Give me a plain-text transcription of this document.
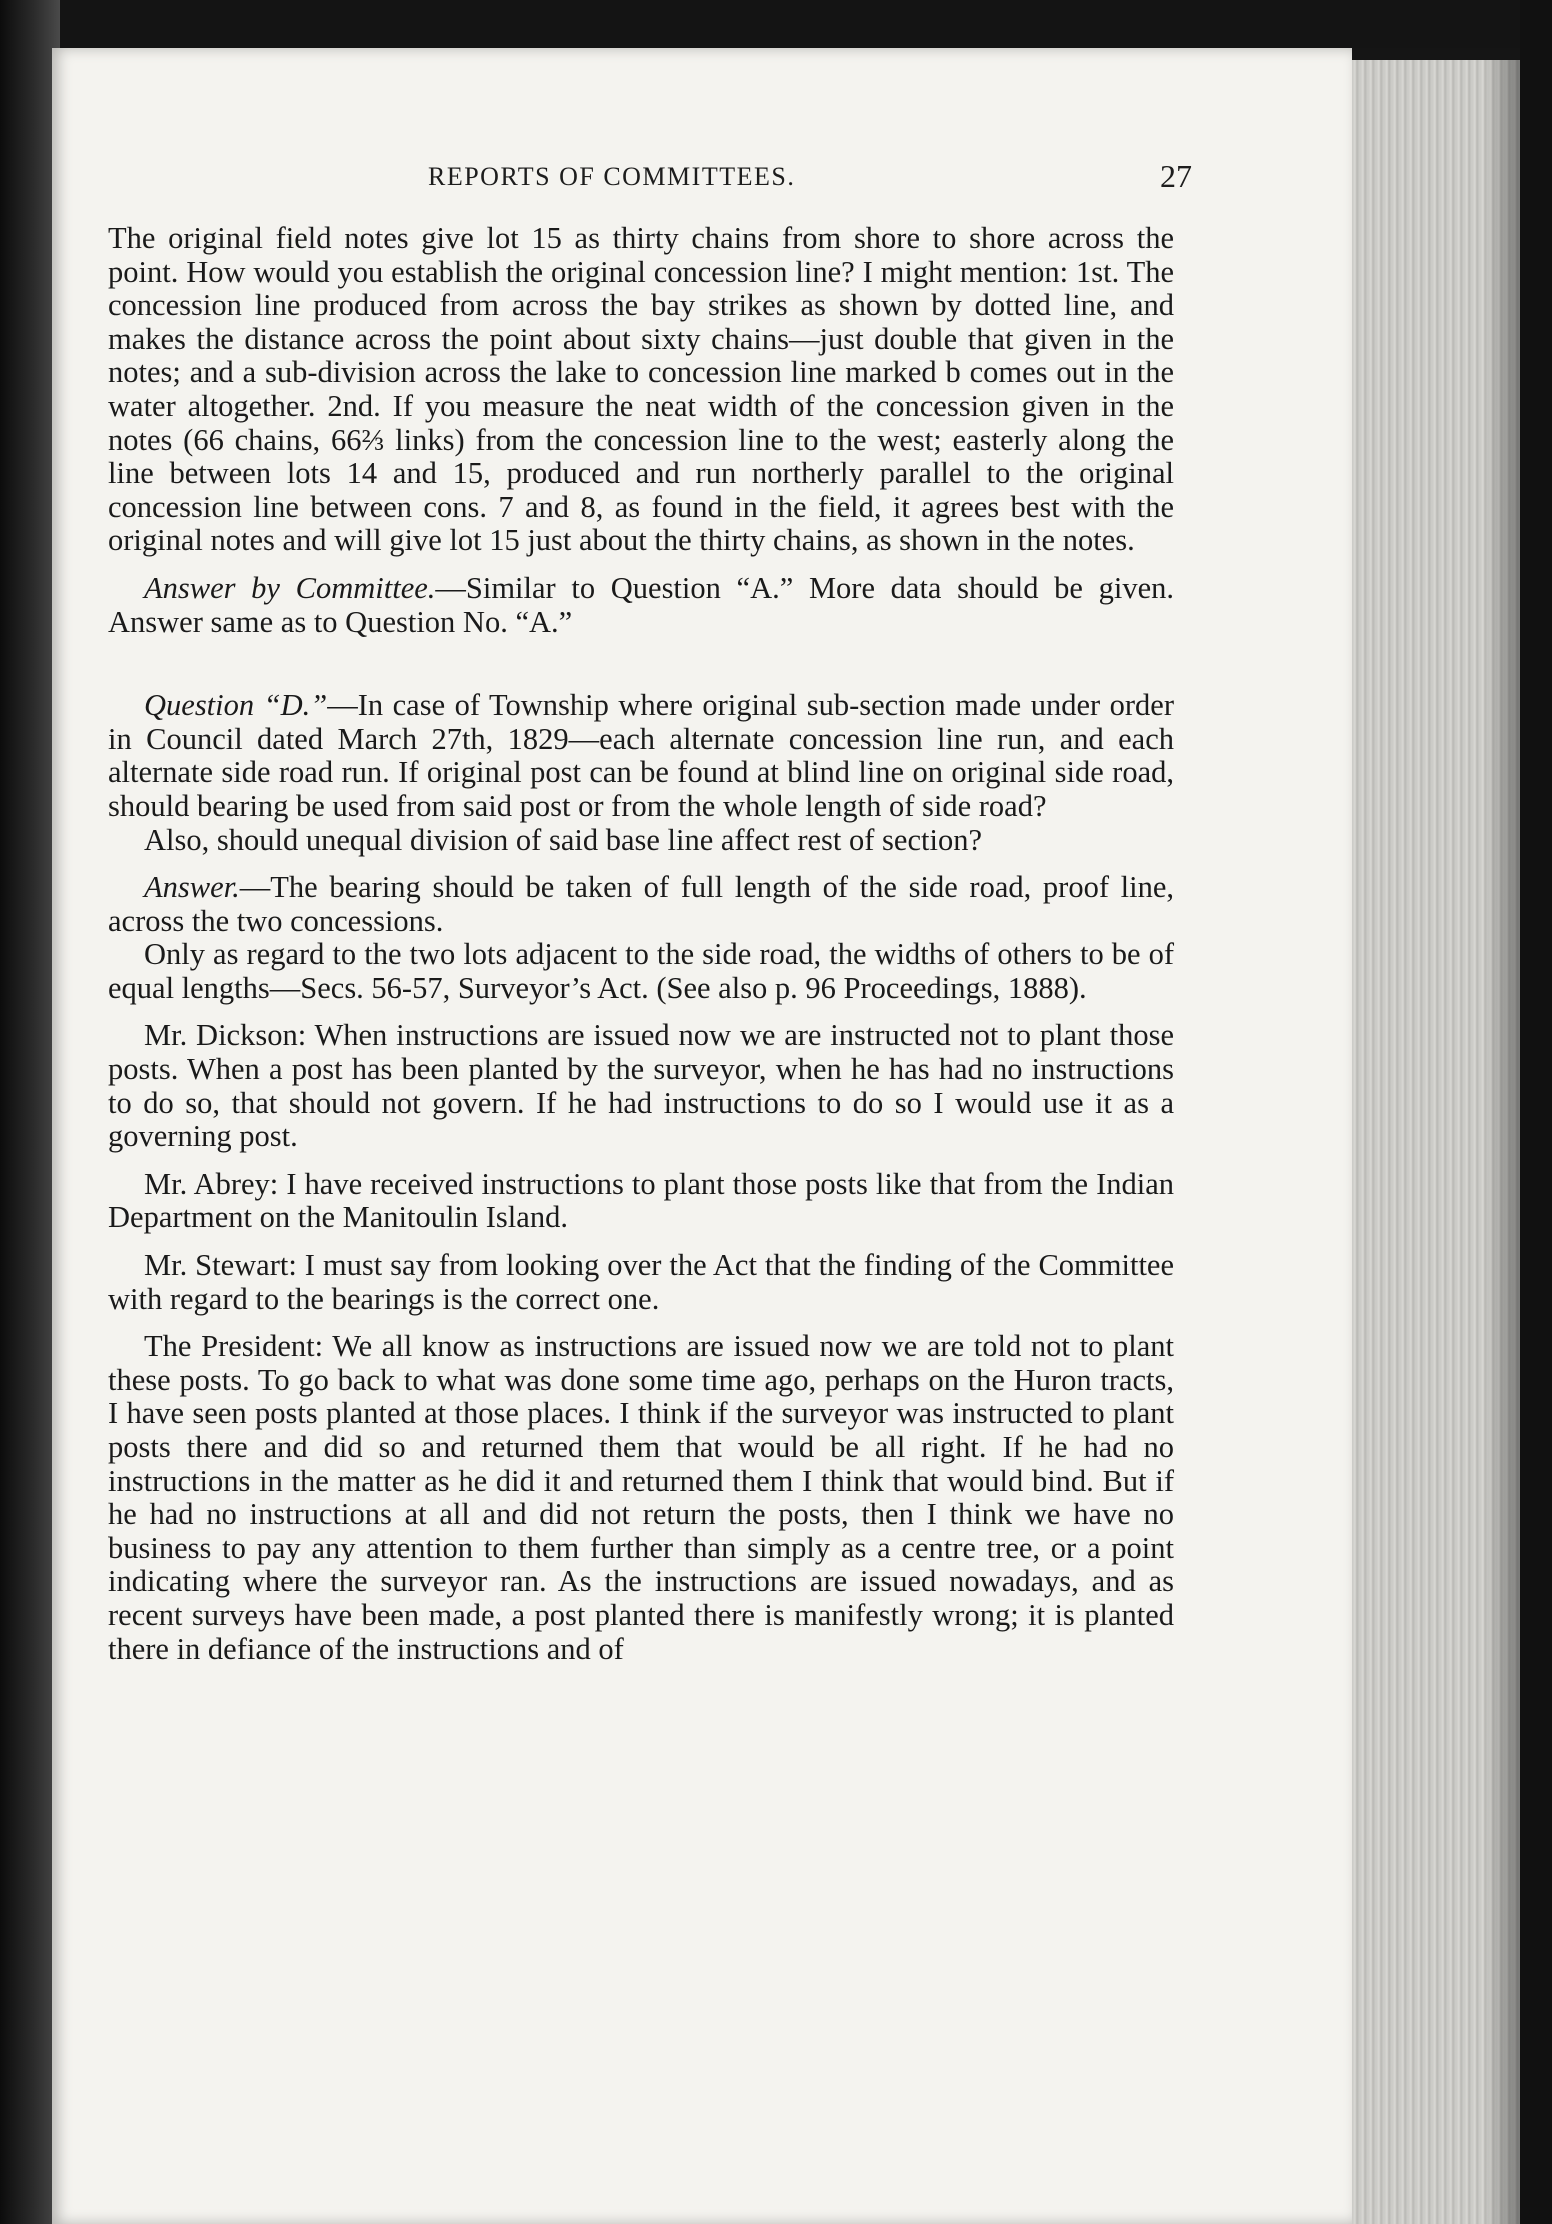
REPORTS OF COMMITTEES.	27

The original field notes give lot 15 as thirty chains from shore to shore across the point. How would you establish the original concession line? I might mention: 1st. The concession line produced from across the bay strikes as shown by dotted line, and makes the distance across the point about sixty chains—just double that given in the notes; and a sub-division across the lake to concession line marked b comes out in the water altogether. 2nd. If you measure the neat width of the concession given in the notes (66 chains, 66⅔ links) from the concession line to the west; easterly along the line between lots 14 and 15, produced and run northerly parallel to the original concession line between cons. 7 and 8, as found in the field, it agrees best with the original notes and will give lot 15 just about the thirty chains, as shown in the notes.

Answer by Committee.—Similar to Question “A.” More data should be given. Answer same as to Question No. “A.”

Question “D.”—In case of Township where original sub-section made under order in Council dated March 27th, 1829—each alternate concession line run, and each alternate side road run. If original post can be found at blind line on original side road, should bearing be used from said post or from the whole length of side road?

Also, should unequal division of said base line affect rest of section?

Answer.—The bearing should be taken of full length of the side road, proof line, across the two concessions.

Only as regard to the two lots adjacent to the side road, the widths of others to be of equal lengths—Secs. 56-57, Surveyor’s Act. (See also p. 96 Proceedings, 1888).

Mr. Dickson: When instructions are issued now we are instructed not to plant those posts. When a post has been planted by the surveyor, when he has had no instructions to do so, that should not govern. If he had instructions to do so I would use it as a governing post.

Mr. Abrey: I have received instructions to plant those posts like that from the Indian Department on the Manitoulin Island.

Mr. Stewart: I must say from looking over the Act that the finding of the Committee with regard to the bearings is the correct one.

The President: We all know as instructions are issued now we are told not to plant these posts. To go back to what was done some time ago, perhaps on the Huron tracts, I have seen posts planted at those places. I think if the surveyor was instructed to plant posts there and did so and returned them that would be all right. If he had no instructions in the matter as he did it and returned them I think that would bind. But if he had no instructions at all and did not return the posts, then I think we have no business to pay any attention to them further than simply as a centre tree, or a point indicating where the surveyor ran. As the instructions are issued nowadays, and as recent surveys have been made, a post planted there is manifestly wrong; it is planted there in defiance of the instructions and of
